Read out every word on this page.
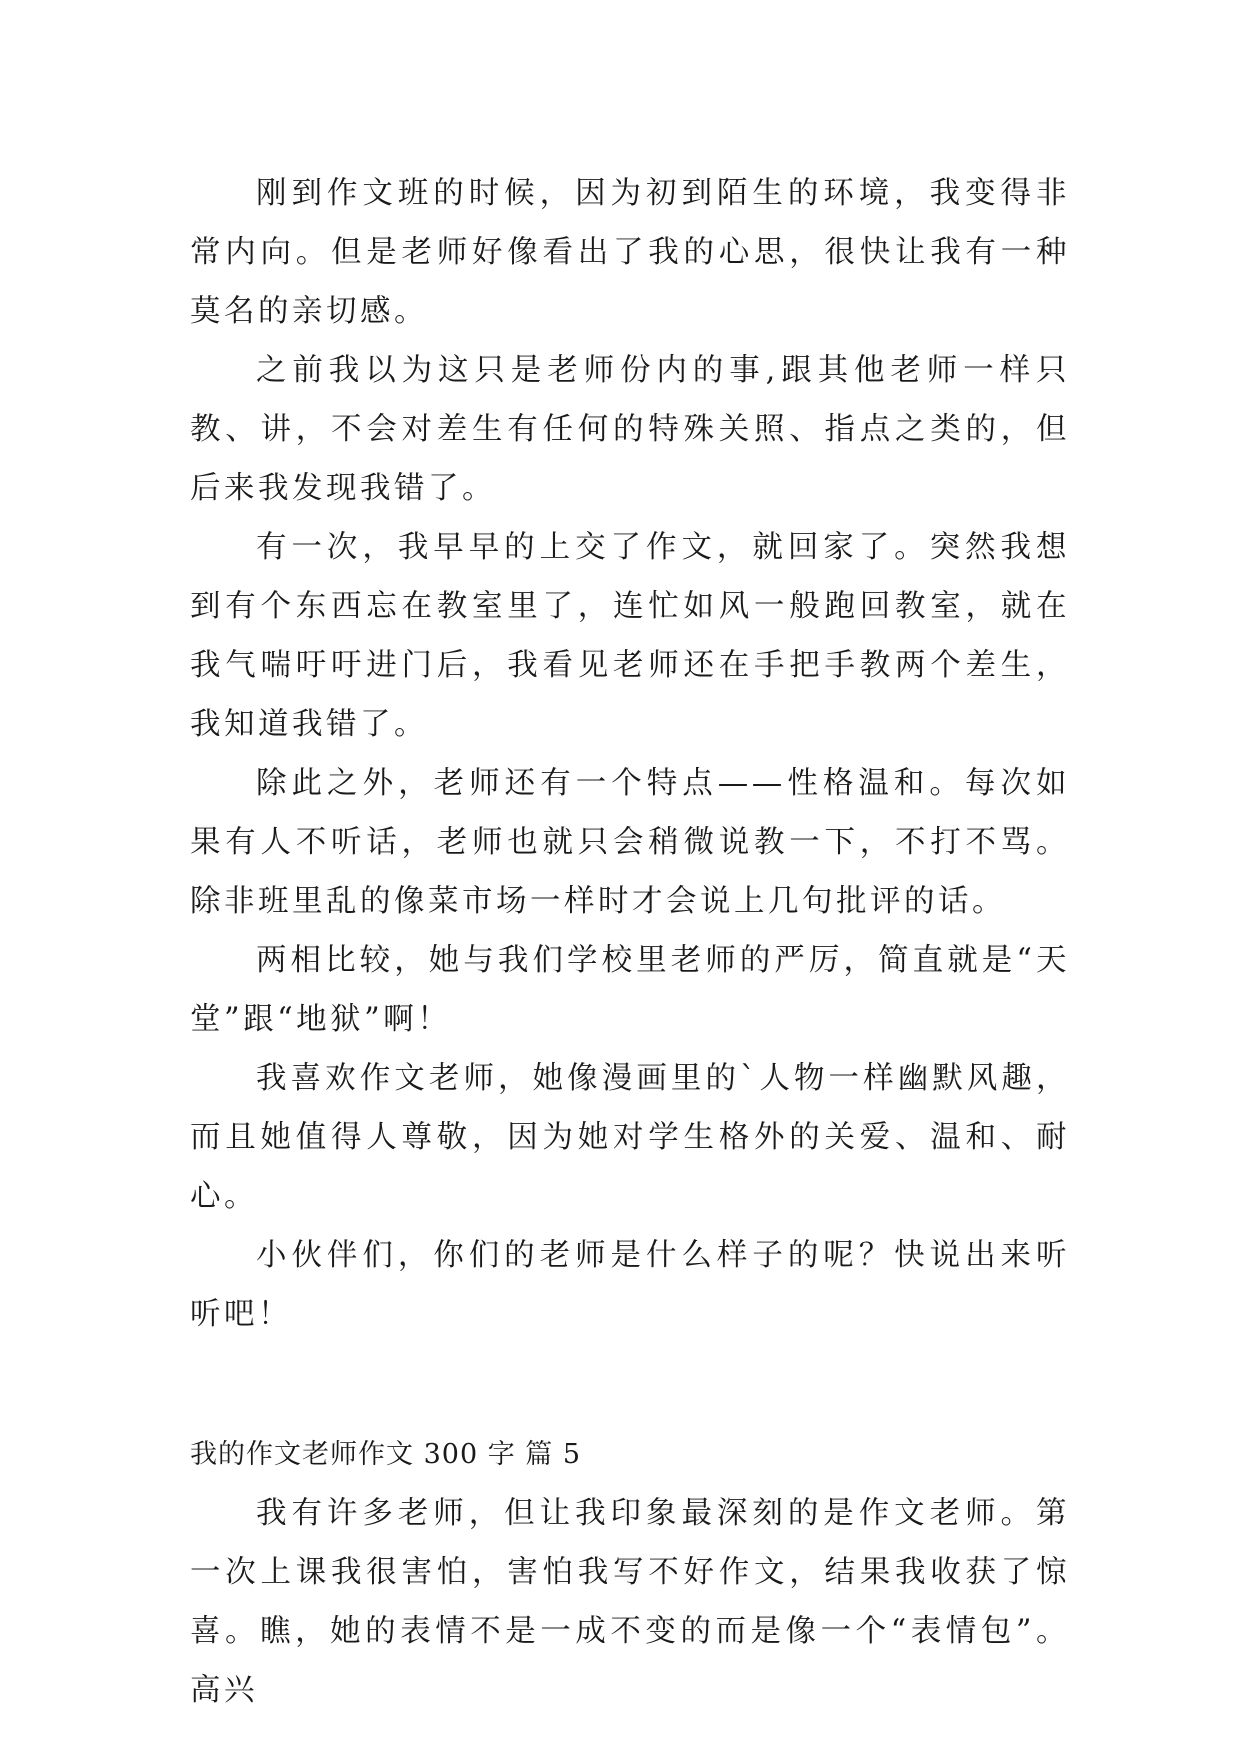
刚到作文班的时候，因为初到陌生的环境，我变得非常内向。但是老师好像看出了我的心思，很快让我有一种莫名的亲切感。

之前我以为这只是老师份内的事,跟其他老师一样只教、讲，不会对差生有任何的特殊关照、指点之类的，但后来我发现我错了。

有一次，我早早的上交了作文，就回家了。突然我想到有个东西忘在教室里了，连忙如风一般跑回教室，就在我气喘吁吁进门后，我看见老师还在手把手教两个差生，我知道我错了。

除此之外，老师还有一个特点——性格温和。每次如果有人不听话，老师也就只会稍微说教一下，不打不骂。除非班里乱的像菜市场一样时才会说上几句批评的话。

两相比较，她与我们学校里老师的严厉，简直就是“天堂”跟“地狱”啊！

我喜欢作文老师，她像漫画里的`人物一样幽默风趣，而且她值得人尊敬，因为她对学生格外的关爱、温和、耐心。

小伙伴们，你们的老师是什么样子的呢？快说出来听听吧！

我的作文老师作文 300 字 篇 5

我有许多老师，但让我印象最深刻的是作文老师。第一次上课我很害怕，害怕我写不好作文，结果我收获了惊喜。瞧，她的表情不是一成不变的而是像一个“表情包”。高兴
